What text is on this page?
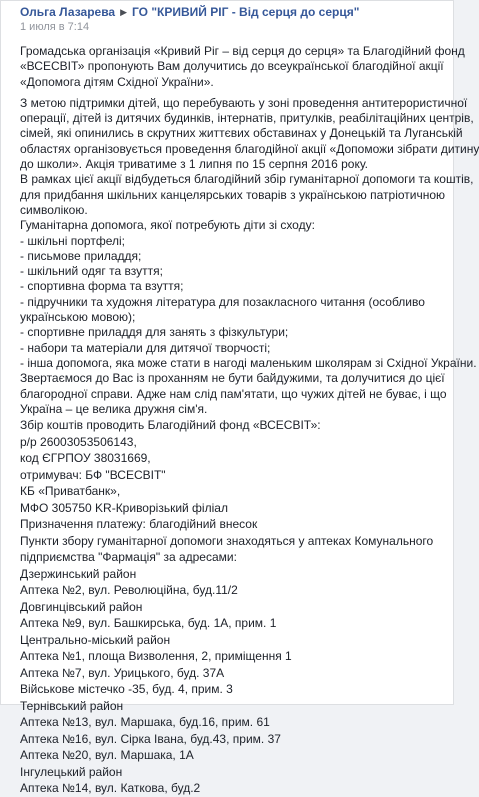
Ольга Лазарева ▶ ГО "КРИВИЙ РІГ - Від серця до серця"
1 июля в 7:14
Громадська організація «Кривий Ріг – від серця до серця» та Благодійний фонд
«ВСЕСВІТ» пропонують Вам долучитись до всеукраїнської благодійної акції
«Допомога дітям Східної України».
З метою підтримки дітей, що перебувають у зоні проведення антитерористичної
операції, дітей із дитячих будинків, інтернатів, притулків, реабілітаційних центрів,
сімей, які опинились в скрутних життєвих обставинах у Донецькій та Луганській
областях організовується проведення благодійної акції «Допоможи зібрати дитину
до школи». Акція триватиме з 1 липня по 15 серпня 2016 року.
В рамках цієї акції відбудеться благодійний збір гуманітарної допомоги та коштів,
для придбання шкільних канцелярських товарів з українською патріотичною
символікою.
Гуманітарна допомога, якої потребують діти зі сходу:
- шкільні портфелі;
- письмове приладдя;
- шкільний одяг та взуття;
- спортивна форма та взуття;
- підручники та художня література для позакласного читання (особливо
українською мовою);
- спортивне приладдя для занять з фізкультури;
- набори та матеріали для дитячої творчості;
- інша допомога, яка може стати в нагоді маленьким школярам зі Східної України.
Звертаємося до Вас із проханням не бути байдужими, та долучитися до цієї
благородної справи. Адже нам слід пам'ятати, що чужих дітей не буває, і що
Україна – це велика дружня сім'я.
Збір коштів проводить Благодійний фонд «ВСЕСВІТ»:
р/р 26003053506143,
код ЄГРПОУ 38031669,
отримувач: БФ "ВСЕСВІТ"
КБ «Приватбанк»,
МФО 305750 KR-Криворізький філіал
Призначення платежу: благодійний внесок
Пункти збору гуманітарної допомоги знаходяться у аптеках Комунального
підприємства "Фармація" за адресами:
Дзержинський район
Аптека №2, вул. Революційна, буд.11/2
Довгинцівський район
Аптека №9, вул. Башкирська, буд. 1А, прим. 1
Центрально-міський район
Аптека №1, площа Визволення, 2, приміщення 1
Аптека №7, вул. Урицького, буд. 37А
Військове містечко -35, буд. 4, прим. 3
Тернівський район
Аптека №13, вул. Маршака, буд.16, прим. 61
Аптека №16, вул. Сірка Івана, буд.43, прим. 37
Аптека №20, вул. Маршака, 1А
Інгулецький район
Аптека №14, вул. Каткова, буд.2
